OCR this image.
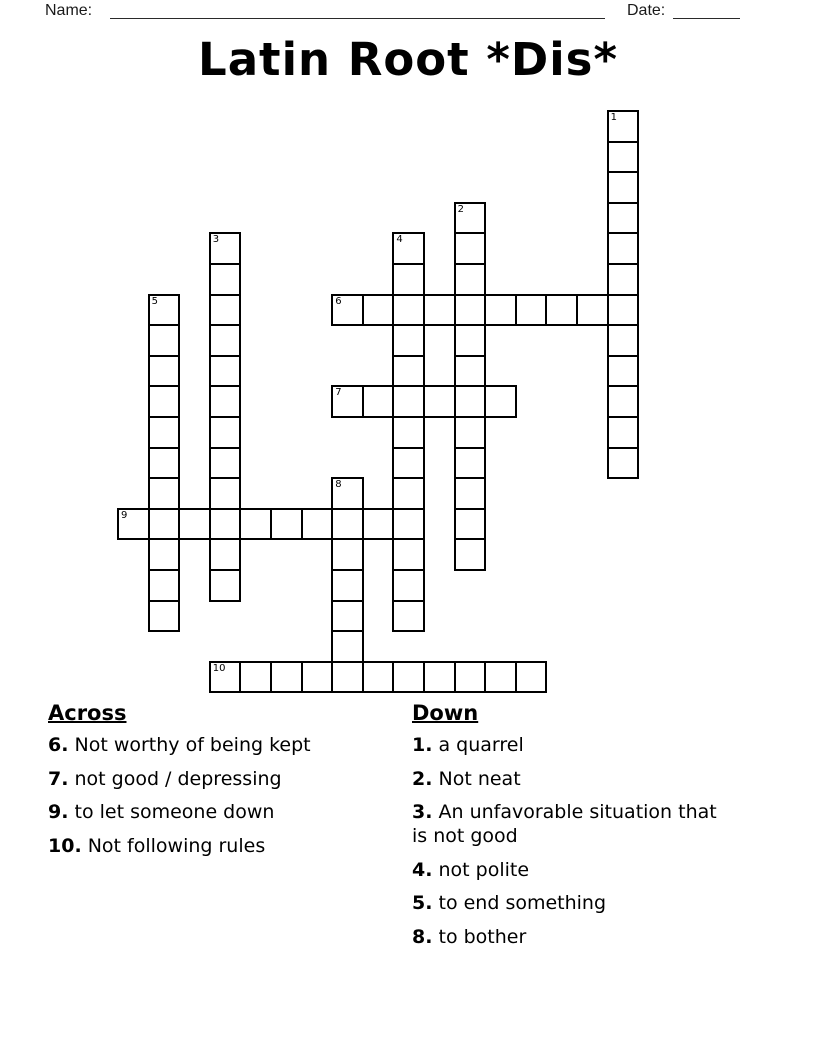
Name:	Date:
Latin Root *Dis*
1
2
3	4
5	6
7
8
9
10
Across
6. Not worthy of being kept
7. not good / depressing
9. to let someone down
10. Not following rules
Down
1. a quarrel
2. Not neat
3. An unfavorable situation that is not good
4. not polite
5. to end something
8. to bother
